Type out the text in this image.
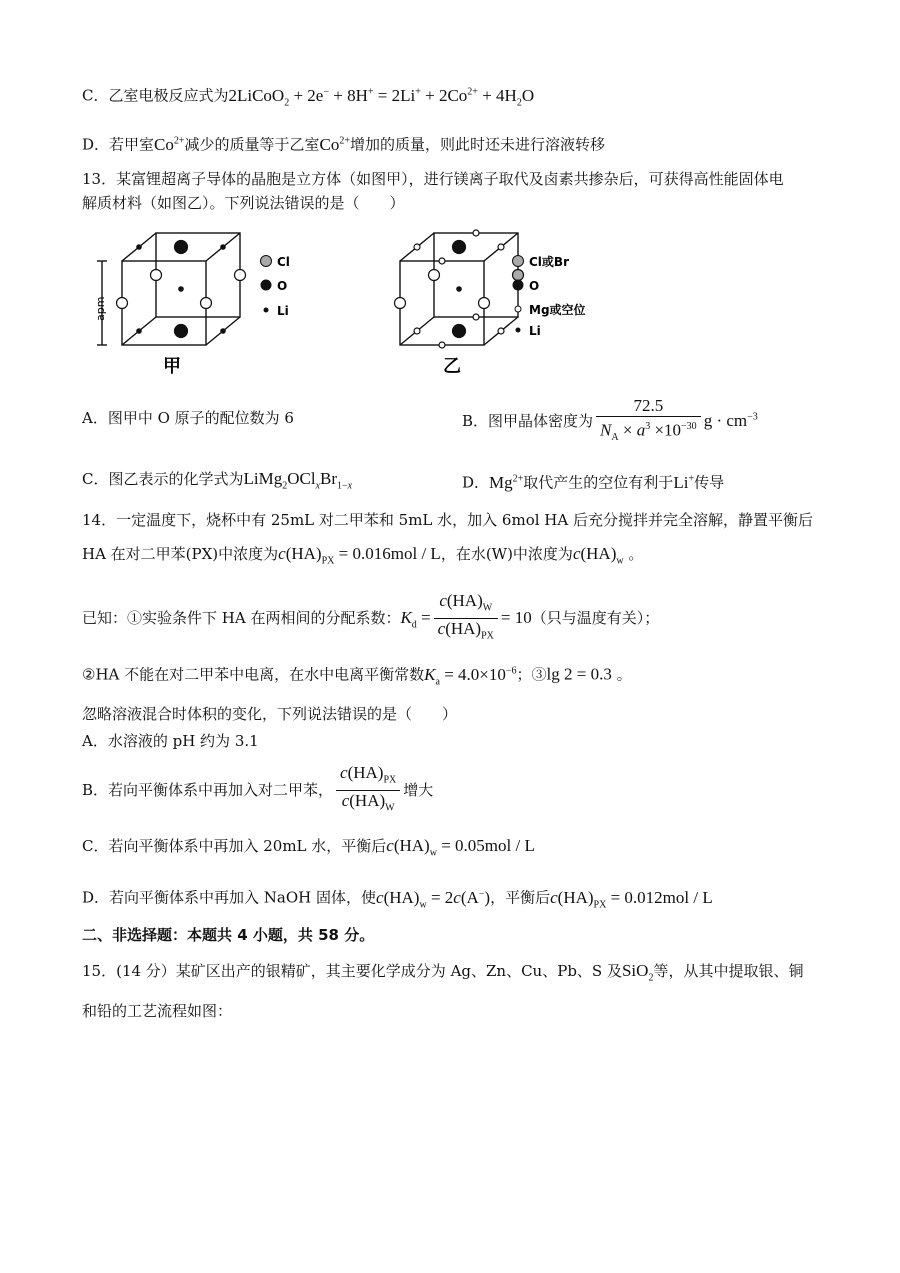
C．乙室电极反应式为2LiCoO$_2$ + $2e^- + 8H^+ = 2Li^+ + 2Co^{2+} + 4H_2O$
D．若甲室$Co^{2+}$减少的质量等于乙室$Co^{2+}$增加的质量，则此时还未进行溶液转移
13．某富锂超离子导体的晶胞是立方体（如图甲），进行镁离子取代及卤素共掺杂后，可获得高性能固体电
解质材料（如图乙）。下列说法错误的是（　　）
apm
Cl
O
Li
甲
Cl或Br
O
Mg或空位
Li
乙
A．图甲中 O 原子的配位数为 6	B．图甲晶体密度为 $\frac{72.5}{N_A \times a^3 \times 10^{-30}}$ $g \cdot cm^{-3}$
C．图乙表示的化学式为$LiMg_2OCl_xBr_{1-x}$	D．$Mg^{2+}$取代产生的空位有利于Li+传导
14．一定温度下，烧杯中有 25mL 对二甲苯和 5mL 水，加入 6mol HA 后充分搅拌并完全溶解，静置平衡后
HA 在对二甲苯(PX)中浓度为$c(HA)_{PX} = 0.016mol / L$，在水(W)中浓度为$c(HA)_w$ 。
已知：①实验条件下 HA 在两相间的分配系数：$K_d = \frac{c(HA)_W}{c(HA)_{PX}} = 10$（只与温度有关）；
②HA 不能在对二甲苯中电离，在水中电离平衡常数$K_a = 4.0\times 10^{-6}$；③lg 2 = 0.3 。
忽略溶液混合时体积的变化，下列说法错误的是（　　）
A．水溶液的 pH 约为 3.1
B．若向平衡体系中再加入对二甲苯， $\frac{c(HA)_{PX}}{c(HA)_W}$ 增大
C．若向平衡体系中再加入 20mL 水，平衡后$c(HA)_w = 0.05mol / L$
D．若向平衡体系中再加入 NaOH 固体，使$c(HA)_w = 2c(A^-)$，平衡后$c(HA)_{PX} = 0.012mol / L$
二、非选择题：本题共 4 小题，共 58 分。
15．(14 分）某矿区出产的银精矿，其主要化学成分为 Ag、Zn、Cu、Pb、S 及SiO$_2$等，从其中提取银、铜
和铅的工艺流程如图：
